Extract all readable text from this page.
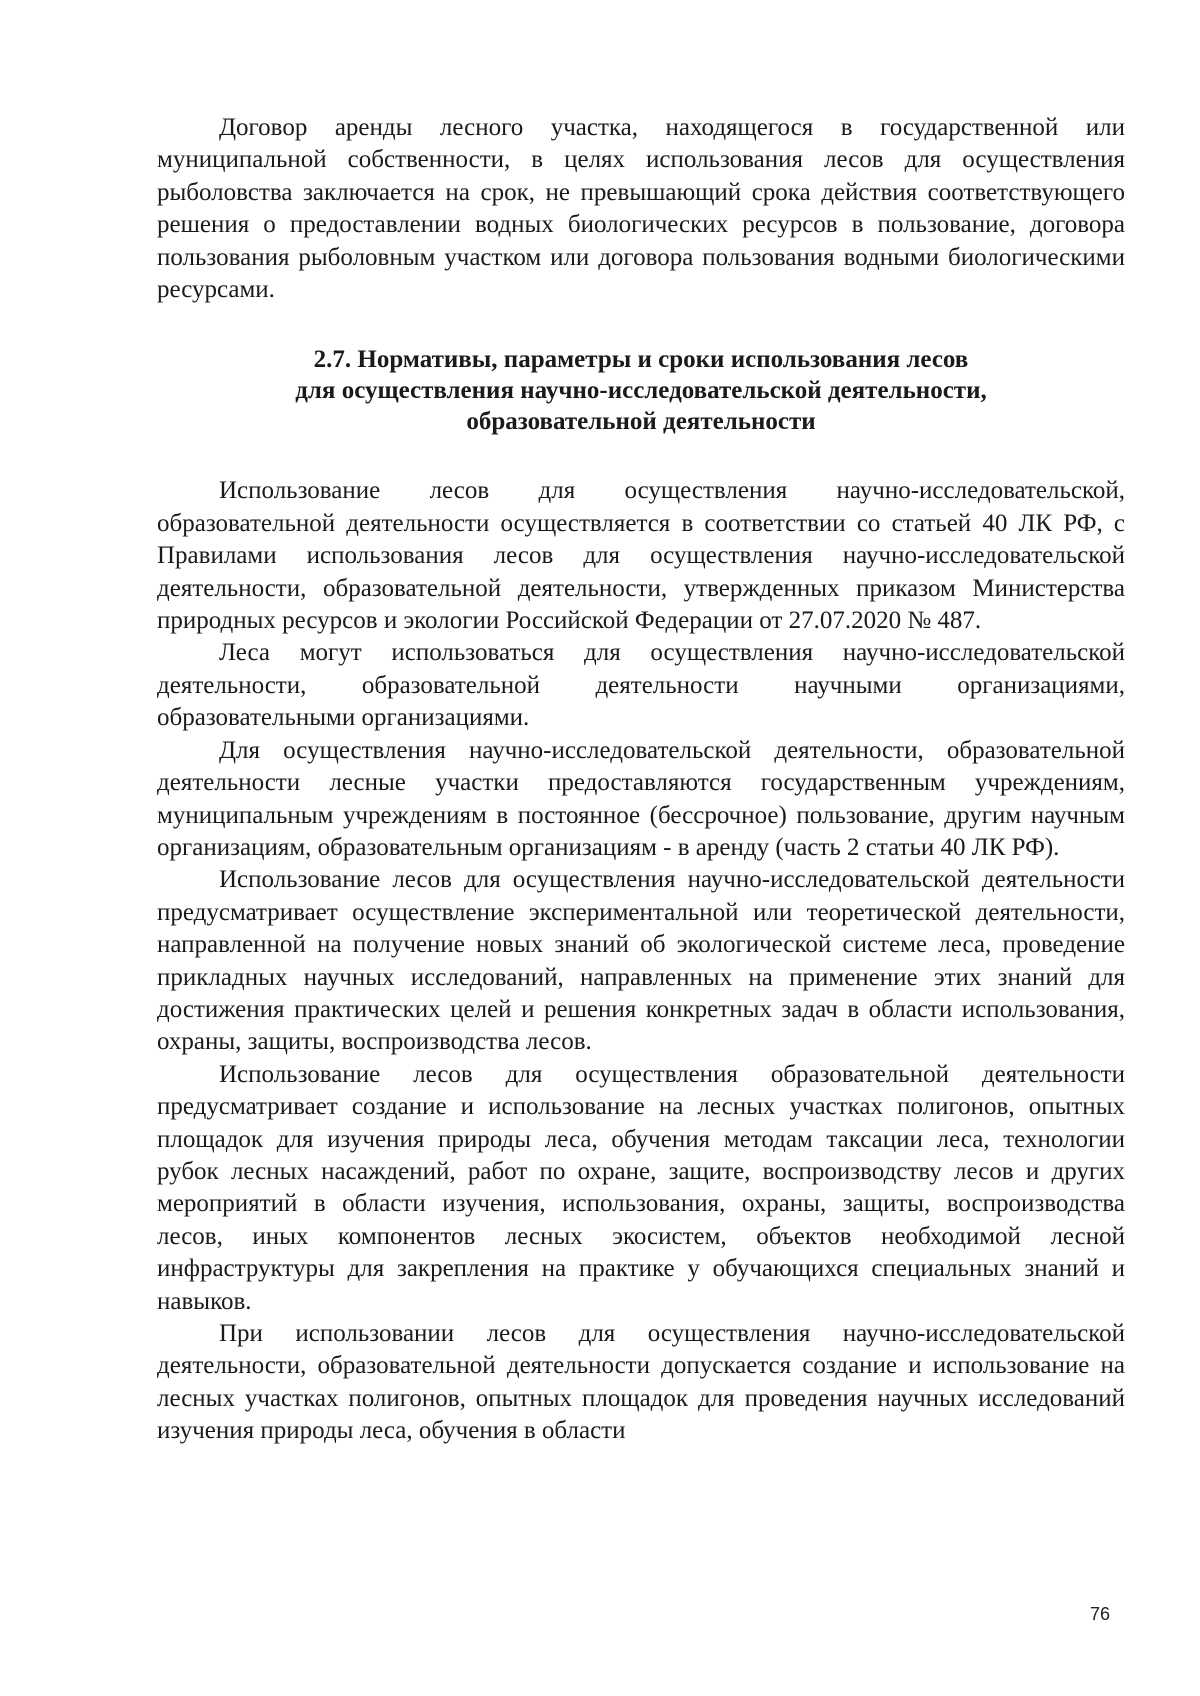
Договор аренды лесного участка, находящегося в государственной или муниципальной собственности, в целях использования лесов для осуществления рыболовства заключается на срок, не превышающий срока действия соответствующего решения о предоставлении водных биологических ресурсов в пользование, договора пользования рыболовным участком или договора пользования водными биологическими ресурсами.

2.7. Нормативы, параметры и сроки использования лесов
для осуществления научно-исследовательской деятельности,
образовательной деятельности

Использование лесов для осуществления научно-исследовательской, образовательной деятельности осуществляется в соответствии со статьей 40 ЛК РФ, с Правилами использования лесов для осуществления научно-исследовательской деятельности, образовательной деятельности, утвержденных приказом Министерства природных ресурсов и экологии Российской Федерации от 27.07.2020 № 487.

Леса могут использоваться для осуществления научно-исследовательской деятельности, образовательной деятельности научными организациями, образовательными организациями.

Для осуществления научно-исследовательской деятельности, образовательной деятельности лесные участки предоставляются государственным учреждениям, муниципальным учреждениям в постоянное (бессрочное) пользование, другим научным организациям, образовательным организациям - в аренду (часть 2 статьи 40 ЛК РФ).

Использование лесов для осуществления научно-исследовательской деятельности предусматривает осуществление экспериментальной или теоретической деятельности, направленной на получение новых знаний об экологической системе леса, проведение прикладных научных исследований, направленных на применение этих знаний для достижения практических целей и решения конкретных задач в области использования, охраны, защиты, воспроизводства лесов.

Использование лесов для осуществления образовательной деятельности предусматривает создание и использование на лесных участках полигонов, опытных площадок для изучения природы леса, обучения методам таксации леса, технологии рубок лесных насаждений, работ по охране, защите, воспроизводству лесов и других мероприятий в области изучения, использования, охраны, защиты, воспроизводства лесов, иных компонентов лесных экосистем, объектов необходимой лесной инфраструктуры для закрепления на практике у обучающихся специальных знаний и навыков.

При использовании лесов для осуществления научно-исследовательской деятельности, образовательной деятельности допускается создание и использование на лесных участках полигонов, опытных площадок для проведения научных исследований изучения природы леса, обучения в области

76
